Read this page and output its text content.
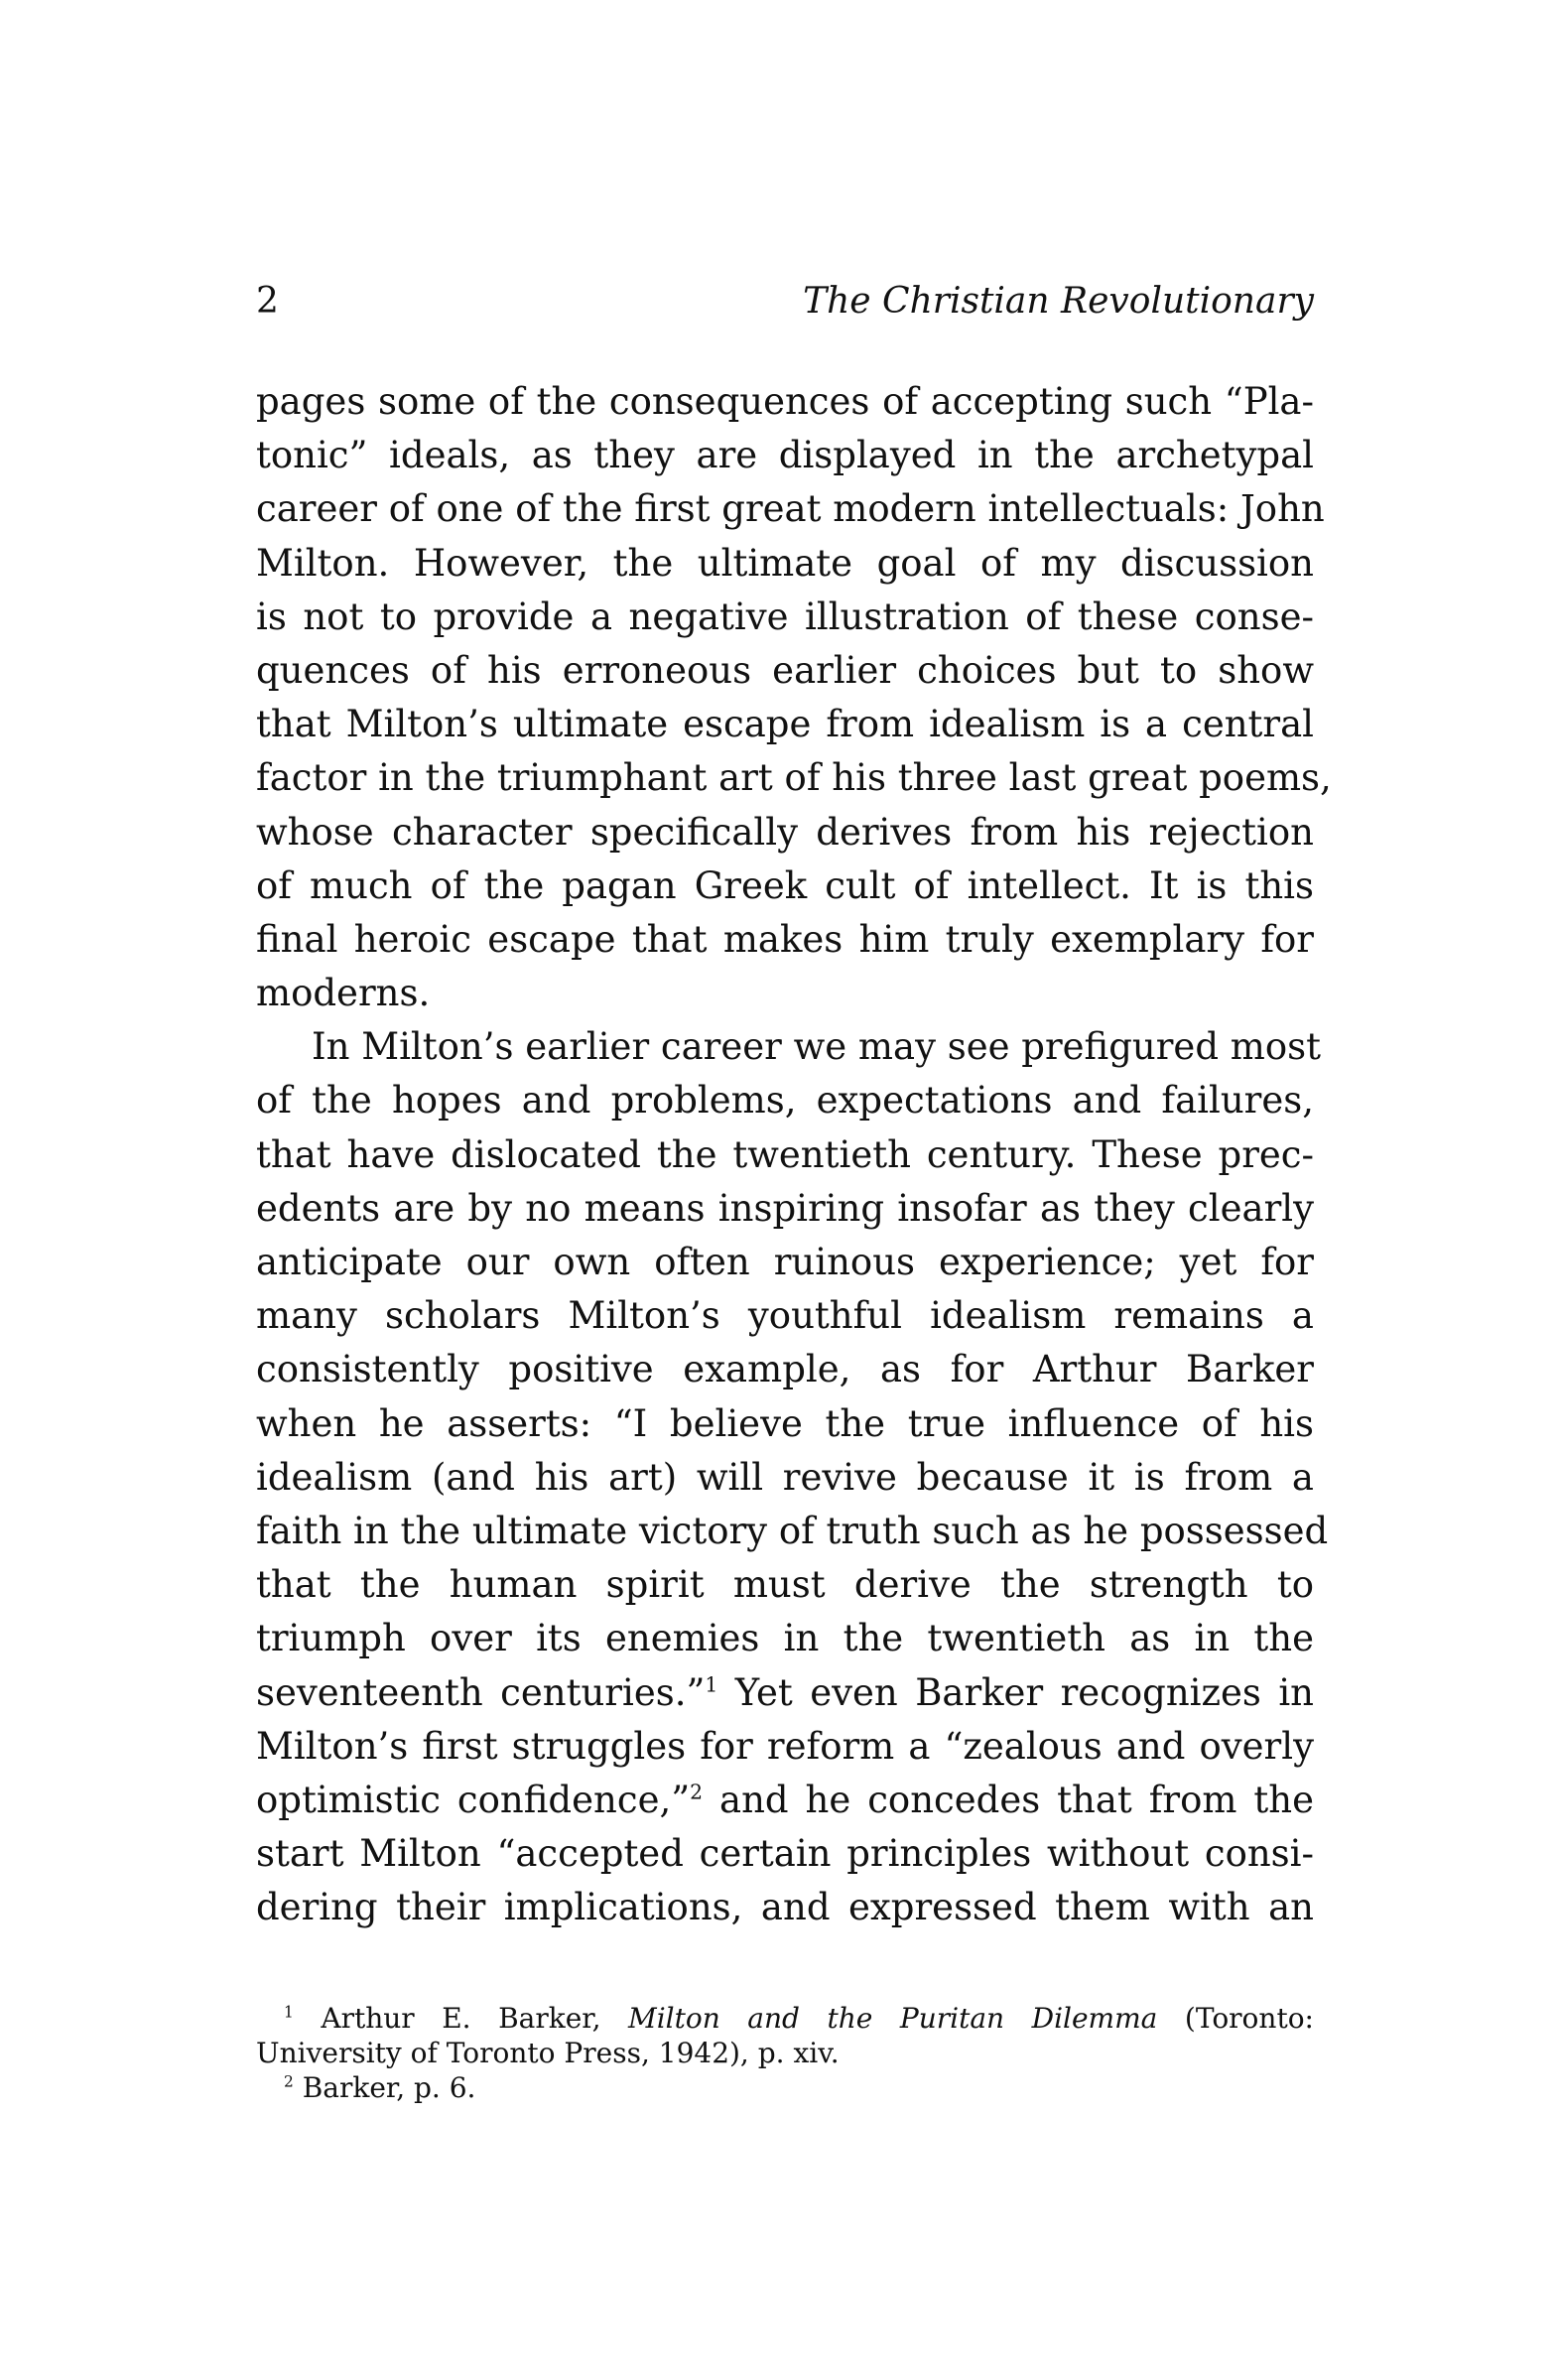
2	The Christian Revolutionary
pages some of the consequences of accepting such “Pla-
tonic” ideals, as they are displayed in the archetypal
career of one of the first great modern intellectuals: John
Milton. However, the ultimate goal of my discussion
is not to provide a negative illustration of these conse-
quences of his erroneous earlier choices but to show
that Milton’s ultimate escape from idealism is a central
factor in the triumphant art of his three last great poems,
whose character specifically derives from his rejection
of much of the pagan Greek cult of intellect. It is this
final heroic escape that makes him truly exemplary for
moderns.
In Milton’s earlier career we may see prefigured most
of the hopes and problems, expectations and failures,
that have dislocated the twentieth century. These prec-
edents are by no means inspiring insofar as they clearly
anticipate our own often ruinous experience; yet for
many scholars Milton’s youthful idealism remains a
consistently positive example, as for Arthur Barker
when he asserts: “I believe the true influence of his
idealism (and his art) will revive because it is from a
faith in the ultimate victory of truth such as he possessed
that the human spirit must derive the strength to
triumph over its enemies in the twentieth as in the
seventeenth centuries.”$^1$ Yet even Barker recognizes in
Milton’s first struggles for reform a “zealous and overly
optimistic confidence,”$^2$ and he concedes that from the
start Milton “accepted certain principles without consi-
dering their implications, and expressed them with an
$^1$ Arthur E. Barker, Milton and the Puritan Dilemma (Toronto:
University of Toronto Press, 1942), p. xiv.
$^2$ Barker, p. 6.
